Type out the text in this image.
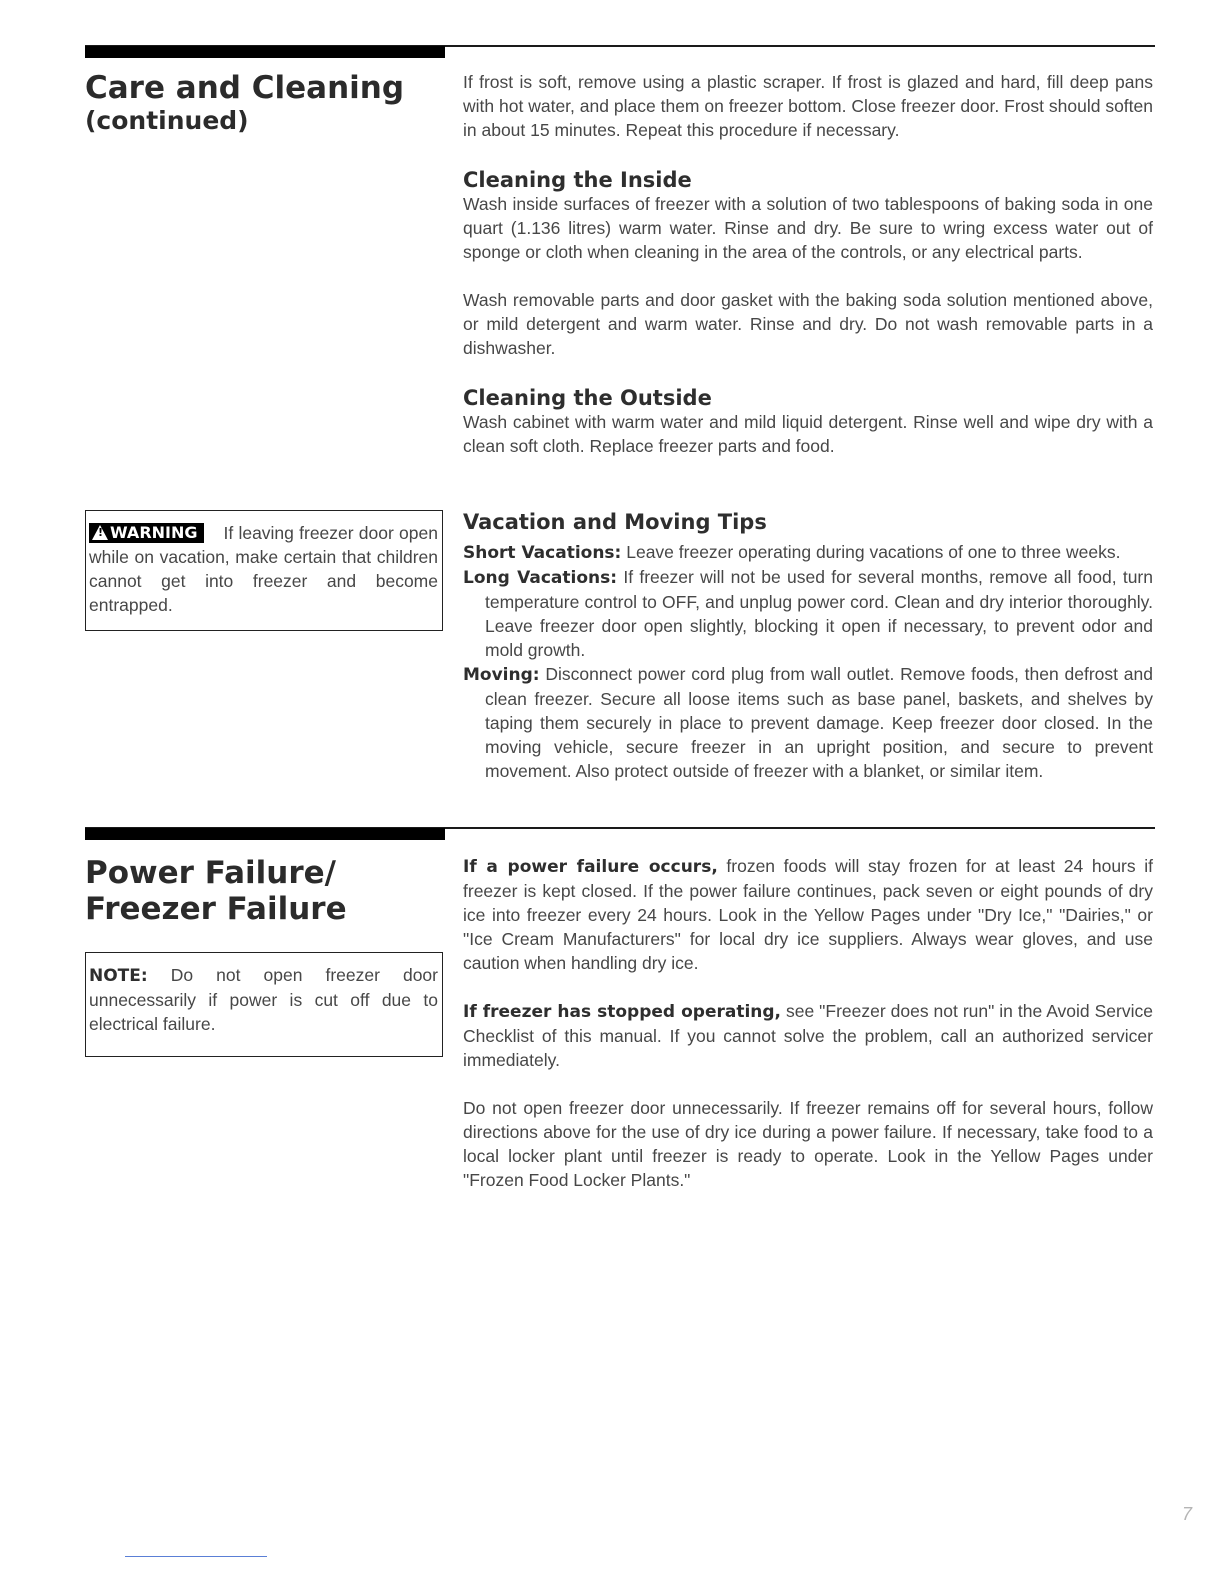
Care and Cleaning
(continued)

If frost is soft, remove using a plastic scraper. If frost is glazed and hard, fill deep pans with hot water, and place them on freezer bottom. Close freezer door. Frost should soften in about 15 minutes. Repeat this procedure if necessary.

Cleaning the Inside

Wash inside surfaces of freezer with a solution of two tablespoons of baking soda in one quart (1.136 litres) warm water. Rinse and dry. Be sure to wring excess water out of sponge or cloth when cleaning in the area of the controls, or any electrical parts.

Wash removable parts and door gasket with the baking soda solution mentioned above, or mild detergent and warm water. Rinse and dry. Do not wash removable parts in a dishwasher.

Cleaning the Outside

Wash cabinet with warm water and mild liquid detergent. Rinse well and wipe dry with a clean soft cloth. Replace freezer parts and food.

!WARNING If leaving freezer door open while on vacation, make certain that children cannot get into freezer and become entrapped.
Vacation and Moving Tips

Short Vacations: Leave freezer operating during vacations of one to three weeks.

Long Vacations: If freezer will not be used for several months, remove all food, turn temperature control to OFF, and unplug power cord. Clean and dry interior thoroughly. Leave freezer door open slightly, blocking it open if necessary, to prevent odor and mold growth.

Moving: Disconnect power cord plug from wall outlet. Remove foods, then defrost and clean freezer. Secure all loose items such as base panel, baskets, and shelves by taping them securely in place to prevent damage. Keep freezer door closed. In the moving vehicle, secure freezer in an upright position, and secure to prevent movement. Also protect outside of freezer with a blanket, or similar item.

Power Failure/
Freezer Failure
NOTE: Do not open freezer door unnecessarily if power is cut off due to electrical failure.

If a power failure occurs, frozen foods will stay frozen for at least 24 hours if freezer is kept closed. If the power failure continues, pack seven or eight pounds of dry ice into freezer every 24 hours. Look in the Yellow Pages under "Dry Ice," "Dairies," or "Ice Cream Manufacturers" for local dry ice suppliers. Always wear gloves, and use caution when handling dry ice.

If freezer has stopped operating, see "Freezer does not run" in the Avoid Service Checklist of this manual. If you cannot solve the problem, call an authorized servicer immediately.

Do not open freezer door unnecessarily. If freezer remains off for several hours, follow directions above for the use of dry ice during a power failure. If necessary, take food to a local locker plant until freezer is ready to operate. Look in the Yellow Pages under "Frozen Food Locker Plants."

7
